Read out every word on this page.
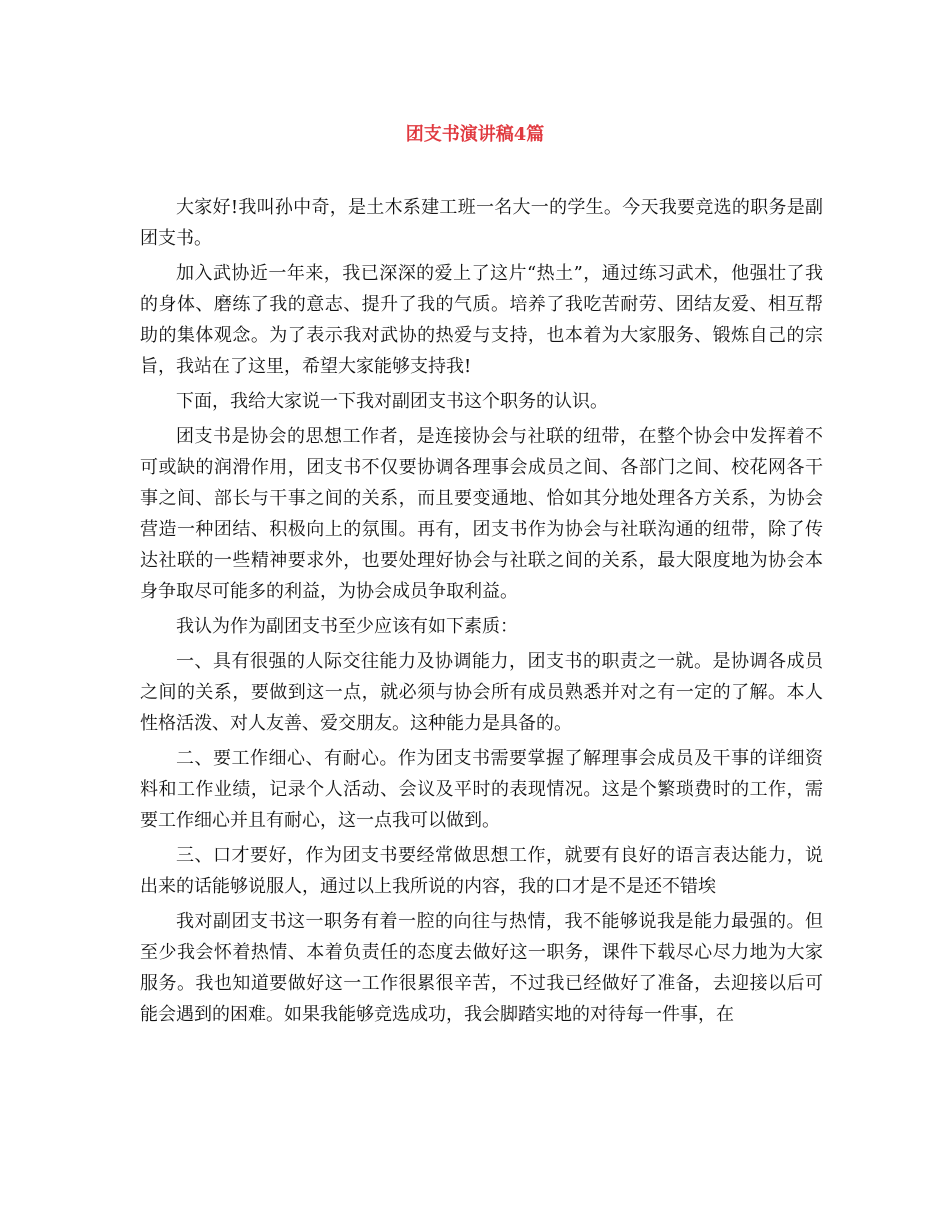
团支书演讲稿4篇

大家好!我叫孙中奇，是土木系建工班一名大一的学生。今天我要竞选的职务是副团支书。

加入武协近一年来，我已深深的爱上了这片“热土”，通过练习武术，他强壮了我的身体、磨练了我的意志、提升了我的气质。培养了我吃苦耐劳、团结友爱、相互帮助的集体观念。为了表示我对武协的热爱与支持，也本着为大家服务、锻炼自己的宗旨，我站在了这里，希望大家能够支持我!

下面，我给大家说一下我对副团支书这个职务的认识。

团支书是协会的思想工作者，是连接协会与社联的纽带，在整个协会中发挥着不可或缺的润滑作用，团支书不仅要协调各理事会成员之间、各部门之间、校花网各干事之间、部长与干事之间的关系，而且要变通地、恰如其分地处理各方关系，为协会营造一种团结、积极向上的氛围。再有，团支书作为协会与社联沟通的纽带，除了传达社联的一些精神要求外，也要处理好协会与社联之间的关系，最大限度地为协会本身争取尽可能多的利益，为协会成员争取利益。

我认为作为副团支书至少应该有如下素质：

一、具有很强的人际交往能力及协调能力，团支书的职责之一就。是协调各成员之间的关系，要做到这一点，就必须与协会所有成员熟悉并对之有一定的了解。本人性格活泼、对人友善、爱交朋友。这种能力是具备的。

二、要工作细心、有耐心。作为团支书需要掌握了解理事会成员及干事的详细资料和工作业绩，记录个人活动、会议及平时的表现情况。这是个繁琐费时的工作，需要工作细心并且有耐心，这一点我可以做到。

三、口才要好，作为团支书要经常做思想工作，就要有良好的语言表达能力，说出来的话能够说服人，通过以上我所说的内容，我的口才是不是还不错埃

我对副团支书这一职务有着一腔的向往与热情，我不能够说我是能力最强的。但至少我会怀着热情、本着负责任的态度去做好这一职务，课件下载尽心尽力地为大家服务。我也知道要做好这一工作很累很辛苦，不过我已经做好了准备，去迎接以后可能会遇到的困难。如果我能够竞选成功，我会脚踏实地的对待每一件事，在
